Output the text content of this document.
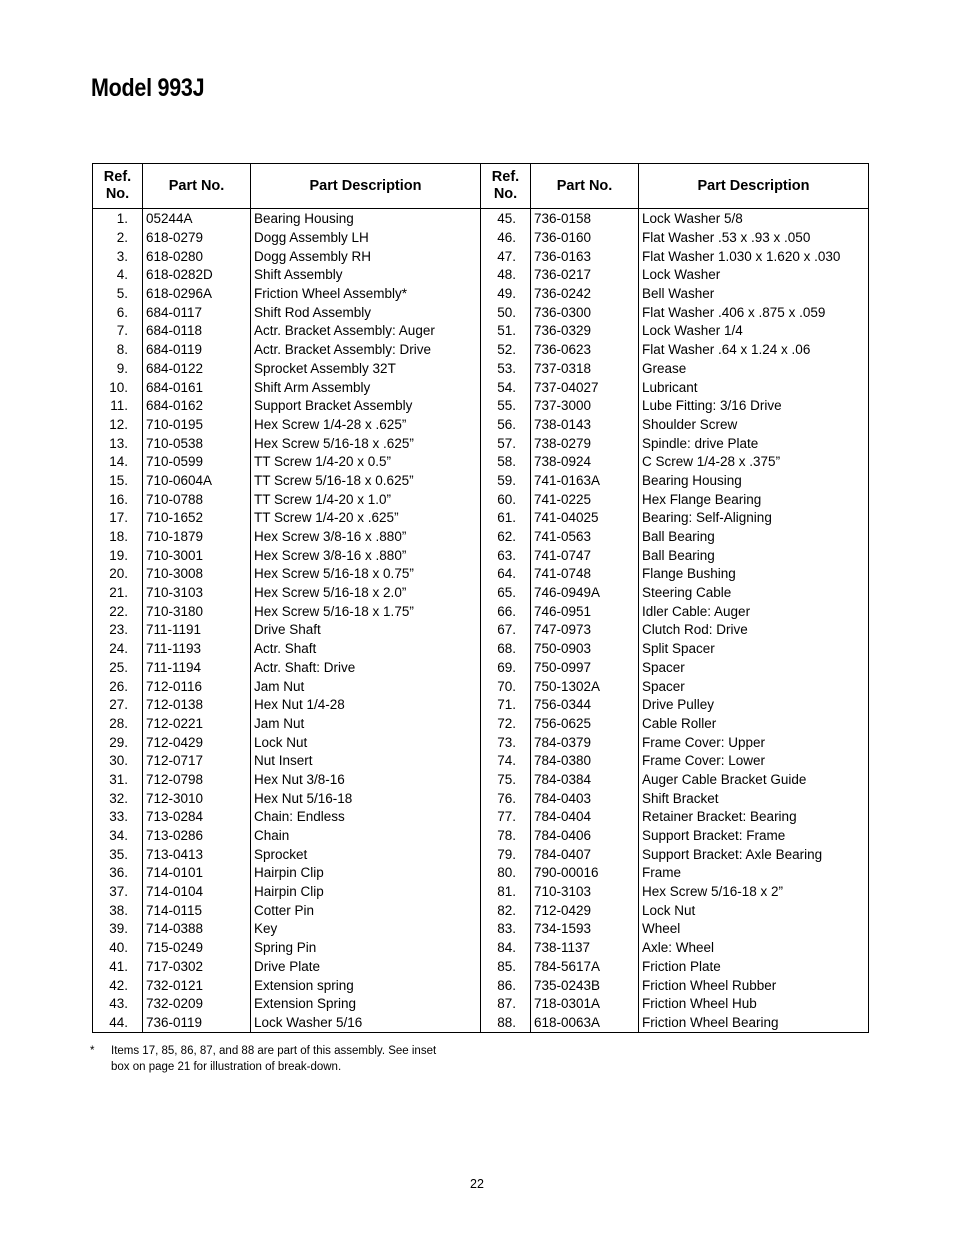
Model 993J
Ref.
No.	Part No.	Part Description
1.	05244A	Bearing Housing
2.	618-0279	Dogg Assembly LH
3.	618-0280	Dogg Assembly RH
4.	618-0282D	Shift Assembly
5.	618-0296A	Friction Wheel Assembly*
6.	684-0117	Shift Rod Assembly
7.	684-0118	Actr. Bracket Assembly: Auger
8.	684-0119	Actr. Bracket Assembly: Drive
9.	684-0122	Sprocket Assembly 32T
10.	684-0161	Shift Arm Assembly
11.	684-0162	Support Bracket Assembly
12.	710-0195	Hex Screw 1/4-28 x .625”
13.	710-0538	Hex Screw 5/16-18 x .625”
14.	710-0599	TT Screw 1/4-20 x 0.5”
15.	710-0604A	TT Screw 5/16-18 x 0.625”
16.	710-0788	TT Screw 1/4-20 x 1.0”
17.	710-1652	TT Screw 1/4-20 x .625”
18.	710-1879	Hex Screw 3/8-16 x .880”
19.	710-3001	Hex Screw 3/8-16 x .880”
20.	710-3008	Hex Screw 5/16-18 x 0.75”
21.	710-3103	Hex Screw 5/16-18 x 2.0”
22.	710-3180	Hex Screw 5/16-18 x 1.75”
23.	711-1191	Drive Shaft
24.	711-1193	Actr. Shaft
25.	711-1194	Actr. Shaft: Drive
26.	712-0116	Jam Nut
27.	712-0138	Hex Nut 1/4-28
28.	712-0221	Jam Nut
29.	712-0429	Lock Nut
30.	712-0717	Nut Insert
31.	712-0798	Hex Nut 3/8-16
32.	712-3010	Hex Nut 5/16-18
33.	713-0284	Chain: Endless
34.	713-0286	Chain
35.	713-0413	Sprocket
36.	714-0101	Hairpin Clip
37.	714-0104	Hairpin Clip
38.	714-0115	Cotter Pin
39.	714-0388	Key
40.	715-0249	Spring Pin
41.	717-0302	Drive Plate
42.	732-0121	Extension spring
43.	732-0209	Extension Spring
44.	736-0119	Lock Washer 5/16
Ref.
No.	Part No.	Part Description
45.	736-0158	Lock Washer 5/8
46.	736-0160	Flat Washer .53 x .93 x .050
47.	736-0163	Flat Washer 1.030 x 1.620 x .030
48.	736-0217	Lock Washer
49.	736-0242	Bell Washer
50.	736-0300	Flat Washer .406 x .875 x .059
51.	736-0329	Lock Washer 1/4
52.	736-0623	Flat Washer .64 x 1.24 x .06
53.	737-0318	Grease
54.	737-04027	Lubricant
55.	737-3000	Lube Fitting: 3/16 Drive
56.	738-0143	Shoulder Screw
57.	738-0279	Spindle: drive Plate
58.	738-0924	C Screw 1/4-28 x .375”
59.	741-0163A	Bearing Housing
60.	741-0225	Hex Flange Bearing
61.	741-04025	Bearing: Self-Aligning
62.	741-0563	Ball Bearing
63.	741-0747	Ball Bearing
64.	741-0748	Flange Bushing
65.	746-0949A	Steering Cable
66.	746-0951	Idler Cable: Auger
67.	747-0973	Clutch Rod: Drive
68.	750-0903	Split Spacer
69.	750-0997	Spacer
70.	750-1302A	Spacer
71.	756-0344	Drive Pulley
72.	756-0625	Cable Roller
73.	784-0379	Frame Cover: Upper
74.	784-0380	Frame Cover: Lower
75.	784-0384	Auger Cable Bracket Guide
76.	784-0403	Shift Bracket
77.	784-0404	Retainer Bracket: Bearing
78.	784-0406	Support Bracket: Frame
79.	784-0407	Support Bracket: Axle Bearing
80.	790-00016	Frame
81.	710-3103	Hex Screw 5/16-18 x 2”
82.	712-0429	Lock Nut
83.	734-1593	Wheel
84.	738-1137	Axle: Wheel
85.	784-5617A	Friction Plate
86.	735-0243B	Friction Wheel Rubber
87.	718-0301A	Friction Wheel Hub
88.	618-0063A	Friction Wheel Bearing
* Items 17, 85, 86, 87, and 88 are part of this assembly. See inset
box on page 21 for illustration of break-down.
22
